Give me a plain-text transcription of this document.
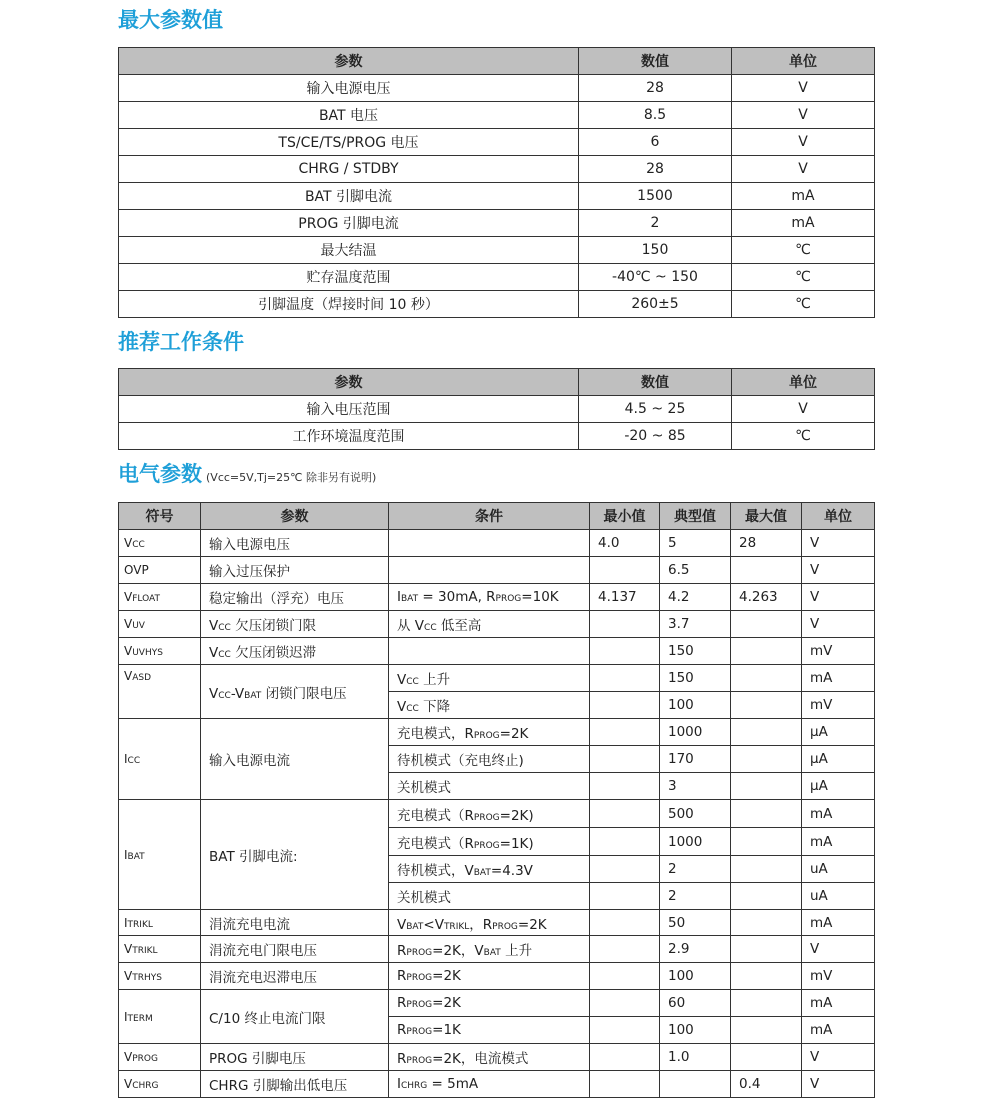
最大参数值
参数	数值	单位
输入电源电压	28	V
BAT 电压	8.5	V
TS/CE/TS/PROG 电压	6	V
CHRG / STDBY	28	V
BAT 引脚电流	1500	mA
PROG 引脚电流	2	mA
最大结温	150	℃
贮存温度范围	-40℃ ~ 150	℃
引脚温度（焊接时间 10 秒）	260±5	℃
推荐工作条件
参数	数值	单位
输入电压范围	4.5 ~ 25	V
工作环境温度范围	-20 ~ 85	℃
电气参数 (Vcc=5V,Tj=25℃ 除非另有说明)
符号	参数	条件	最小值	典型值	最大值	单位
VCC	输入电源电压		4.0	5	28	V
OVP	输入过压保护			6.5		V
VFLOAT	稳定输出（浮充）电压	IBAT = 30mA, RPROG=10K	4.137	4.2	4.263	V
VUV	VCC 欠压闭锁门限	从 VCC 低至高		3.7		V
VUVHYS	VCC 欠压闭锁迟滞			150		mV
VASD	VCC-VBAT 闭锁门限电压	VCC 上升		150		mA
		VCC 下降		100		mV
ICC	输入电源电流	充电模式，RPROG=2K		1000		µA
		待机模式（充电终止)		170		µA
		关机模式		3		µA
IBAT	BAT 引脚电流:	充电模式（RPROG=2K)		500		mA
		充电模式（RPROG=1K)		1000		mA
		待机模式，VBAT=4.3V		2		uA
		关机模式		2		uA
ITRIKL	涓流充电电流	VBAT<VTRIKL，RPROG=2K		50		mA
VTRIKL	涓流充电门限电压	RPROG=2K，VBAT 上升		2.9		V
VTRHYS	涓流充电迟滞电压	RPROG=2K		100		mV
ITERM	C/10 终止电流门限	RPROG=2K		60		mA
		RPROG=1K		100		mA
VPROG	PROG 引脚电压	RPROG=2K，电流模式		1.0		V
VCHRG	CHRG 引脚输出低电压	ICHRG = 5mA			0.4	V
